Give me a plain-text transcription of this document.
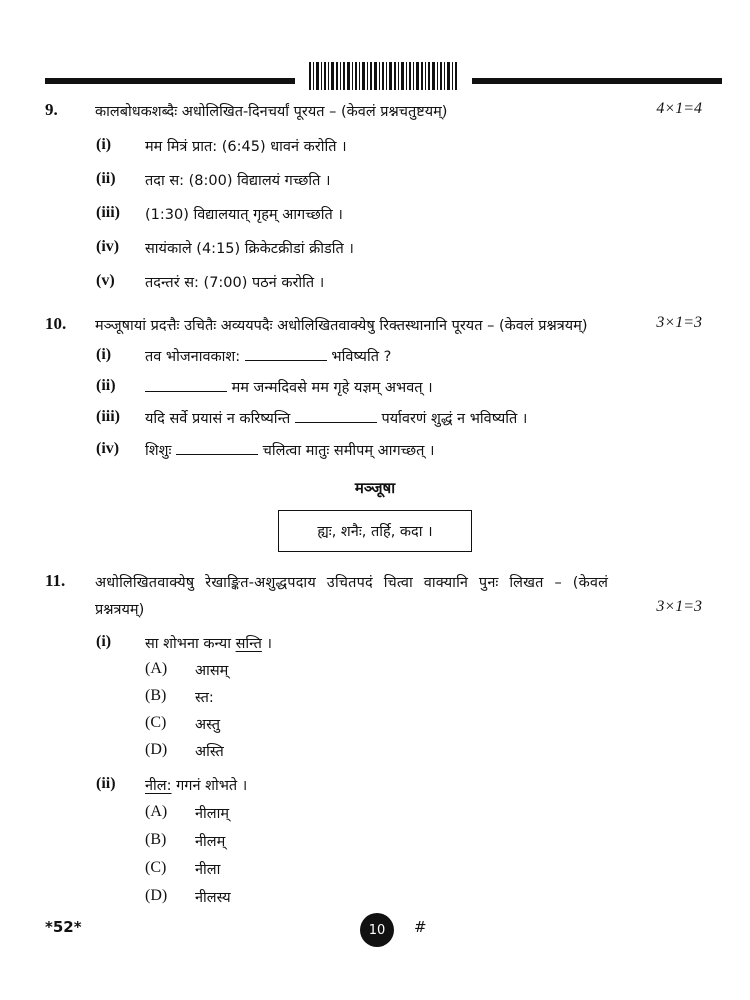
9.	कालबोधकशब्दैः अधोलिखित-दिनचर्यां पूरयत – (केवलं प्रश्नचतुष्टयम्)	4×1=4
(i) मम मित्रं प्रात: (6:45) धावनं करोति ।
(ii) तदा स: (8:00) विद्यालयं गच्छति ।
(iii) (1:30) विद्यालयात् गृहम् आगच्छति ।
(iv) सायंकाले (4:15) क्रिकेटक्रीडां क्रीडति ।
(v) तदन्तरं स: (7:00) पठनं करोति ।
10. मञ्जूषायां प्रदत्तैः उचितैः अव्ययपदैः अधोलिखितवाक्येषु रिक्तस्थानानि पूरयत – (केवलं प्रश्नत्रयम्)	3×1=3
(i) तव भोजनावकाश:	भविष्यति ?
(ii)	मम जन्मदिवसे मम गृहे यज्ञम् अभवत् ।
(iii) यदि सर्वे प्रयासं न करिष्यन्ति	पर्यावरणं शुद्धं न भविष्यति ।
(iv) शिशुः	चलित्वा मातुः समीपम् आगच्छत् ।
मञ्जूषा
ह्यः, शनैः, तर्हि, कदा ।
11. अधोलिखितवाक्येषु रेखाङ्कित-अशुद्धपदाय उचितपदं चित्वा वाक्यानि पुनः लिखत – (केवलं
प्रश्नत्रयम्)	3×1=3
(i) सा शोभना कन्या सन्ति ।
(A) आसम्
(B) स्त:
(C) अस्तु
(D) अस्ति
(ii) नील: गगनं शोभते ।
(A) नीलाम्
(B) नीलम्
(C) नीला
(D) नीलस्य
*52*	10 #
